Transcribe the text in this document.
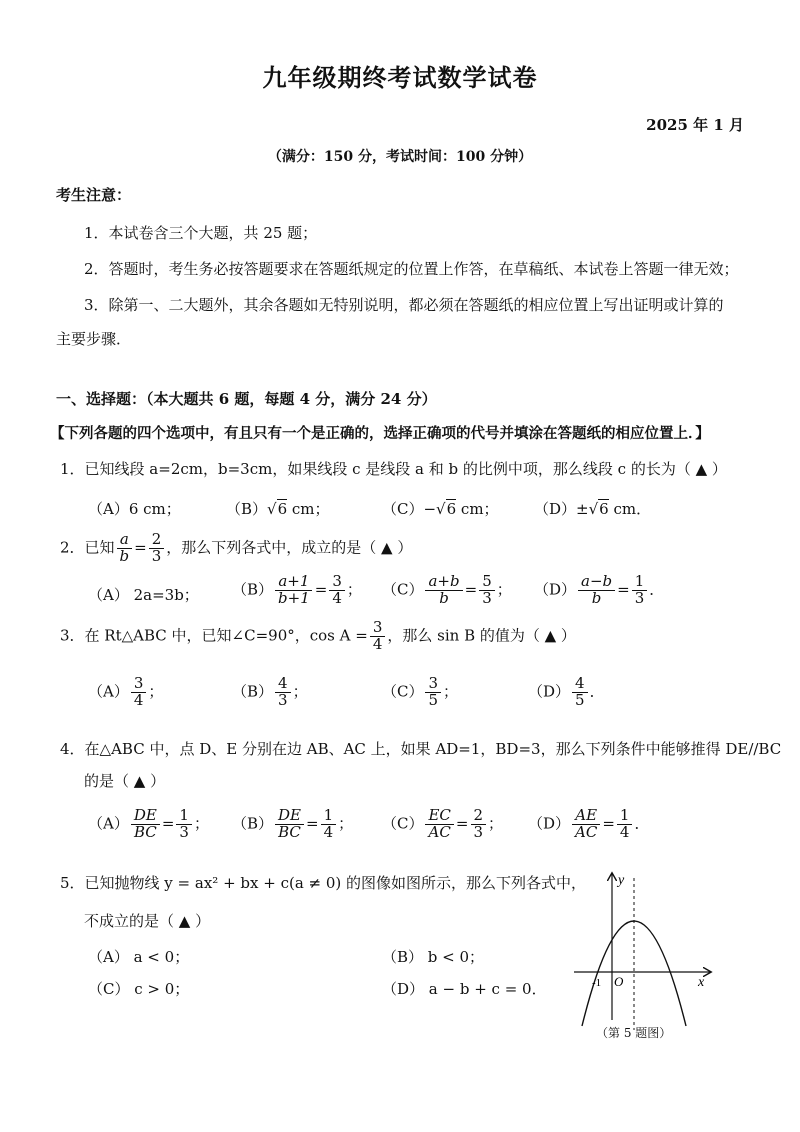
九年级期终考试数学试卷
2025 年 1 月
（满分：150 分，考试时间：100 分钟）
考生注意：
1．本试卷含三个大题，共 25 题；
2．答题时，考生务必按答题要求在答题纸规定的位置上作答，在草稿纸、本试卷上答题一律无效；
3．除第一、二大题外，其余各题如无特别说明，都必须在答题纸的相应位置上写出证明或计算的
主要步骤．
一、选择题：（本大题共 6 题，每题 4 分，满分 24 分）
【下列各题的四个选项中，有且只有一个是正确的，选择正确项的代号并填涂在答题纸的相应位置上．】
1．已知线段 a=2cm，b=3cm，如果线段 c 是线段 a 和 b 的比例中项，那么线段 c 的长为（ ▲ ）
（A）6 cm；	（B）√6 cm；	（C）−√6 cm； （D）±√6 cm．
2．已知 $\frac{a}{b} = \frac{2}{3}$ ，那么下列各式中，成立的是（ ▲ ）
（A） 2a=3b； $(B) \frac{a+1}{b+1} = \frac{3}{4}$ ； $(C) \frac{a+b}{b} = \frac{5}{3}$ ； $(D) \frac{a-b}{b} = \frac{1}{3}$ ．
3．在 Rt△ABC 中，已知∠C=90°，$\cos A = \frac{3}{4}$ ，那么 sin B 的值为（ ▲ ）
$(A) \frac{3}{4}$ ；	$(B) \frac{4}{3}$ ；	$(C) \frac{3}{5}$ ；	$(D) \frac{4}{5}$ ．
4．在△ABC 中，点 D、E 分别在边 AB、AC 上，如果 AD=1，BD=3，那么下列条件中能够推得 DE//BC
的是（ ▲ ）
$(A) \frac{DE}{BC} = \frac{1}{3}$ ； $(B) \frac{DE}{BC} = \frac{1}{4}$ ； $(C) \frac{EC}{AC} = \frac{2}{3}$ ； $(D) \frac{AE}{AC} = \frac{1}{4}$ ．
5．已知抛物线 y = ax² + bx + c(a ≠ 0) 的图像如图所示，那么下列各式中，
不成立的是（ ▲ ）
（A） a < 0；	（B） b < 0；
（C） c > 0；	（D） a − b + c = 0．
y
x
O
-1
（第 5 题图）
